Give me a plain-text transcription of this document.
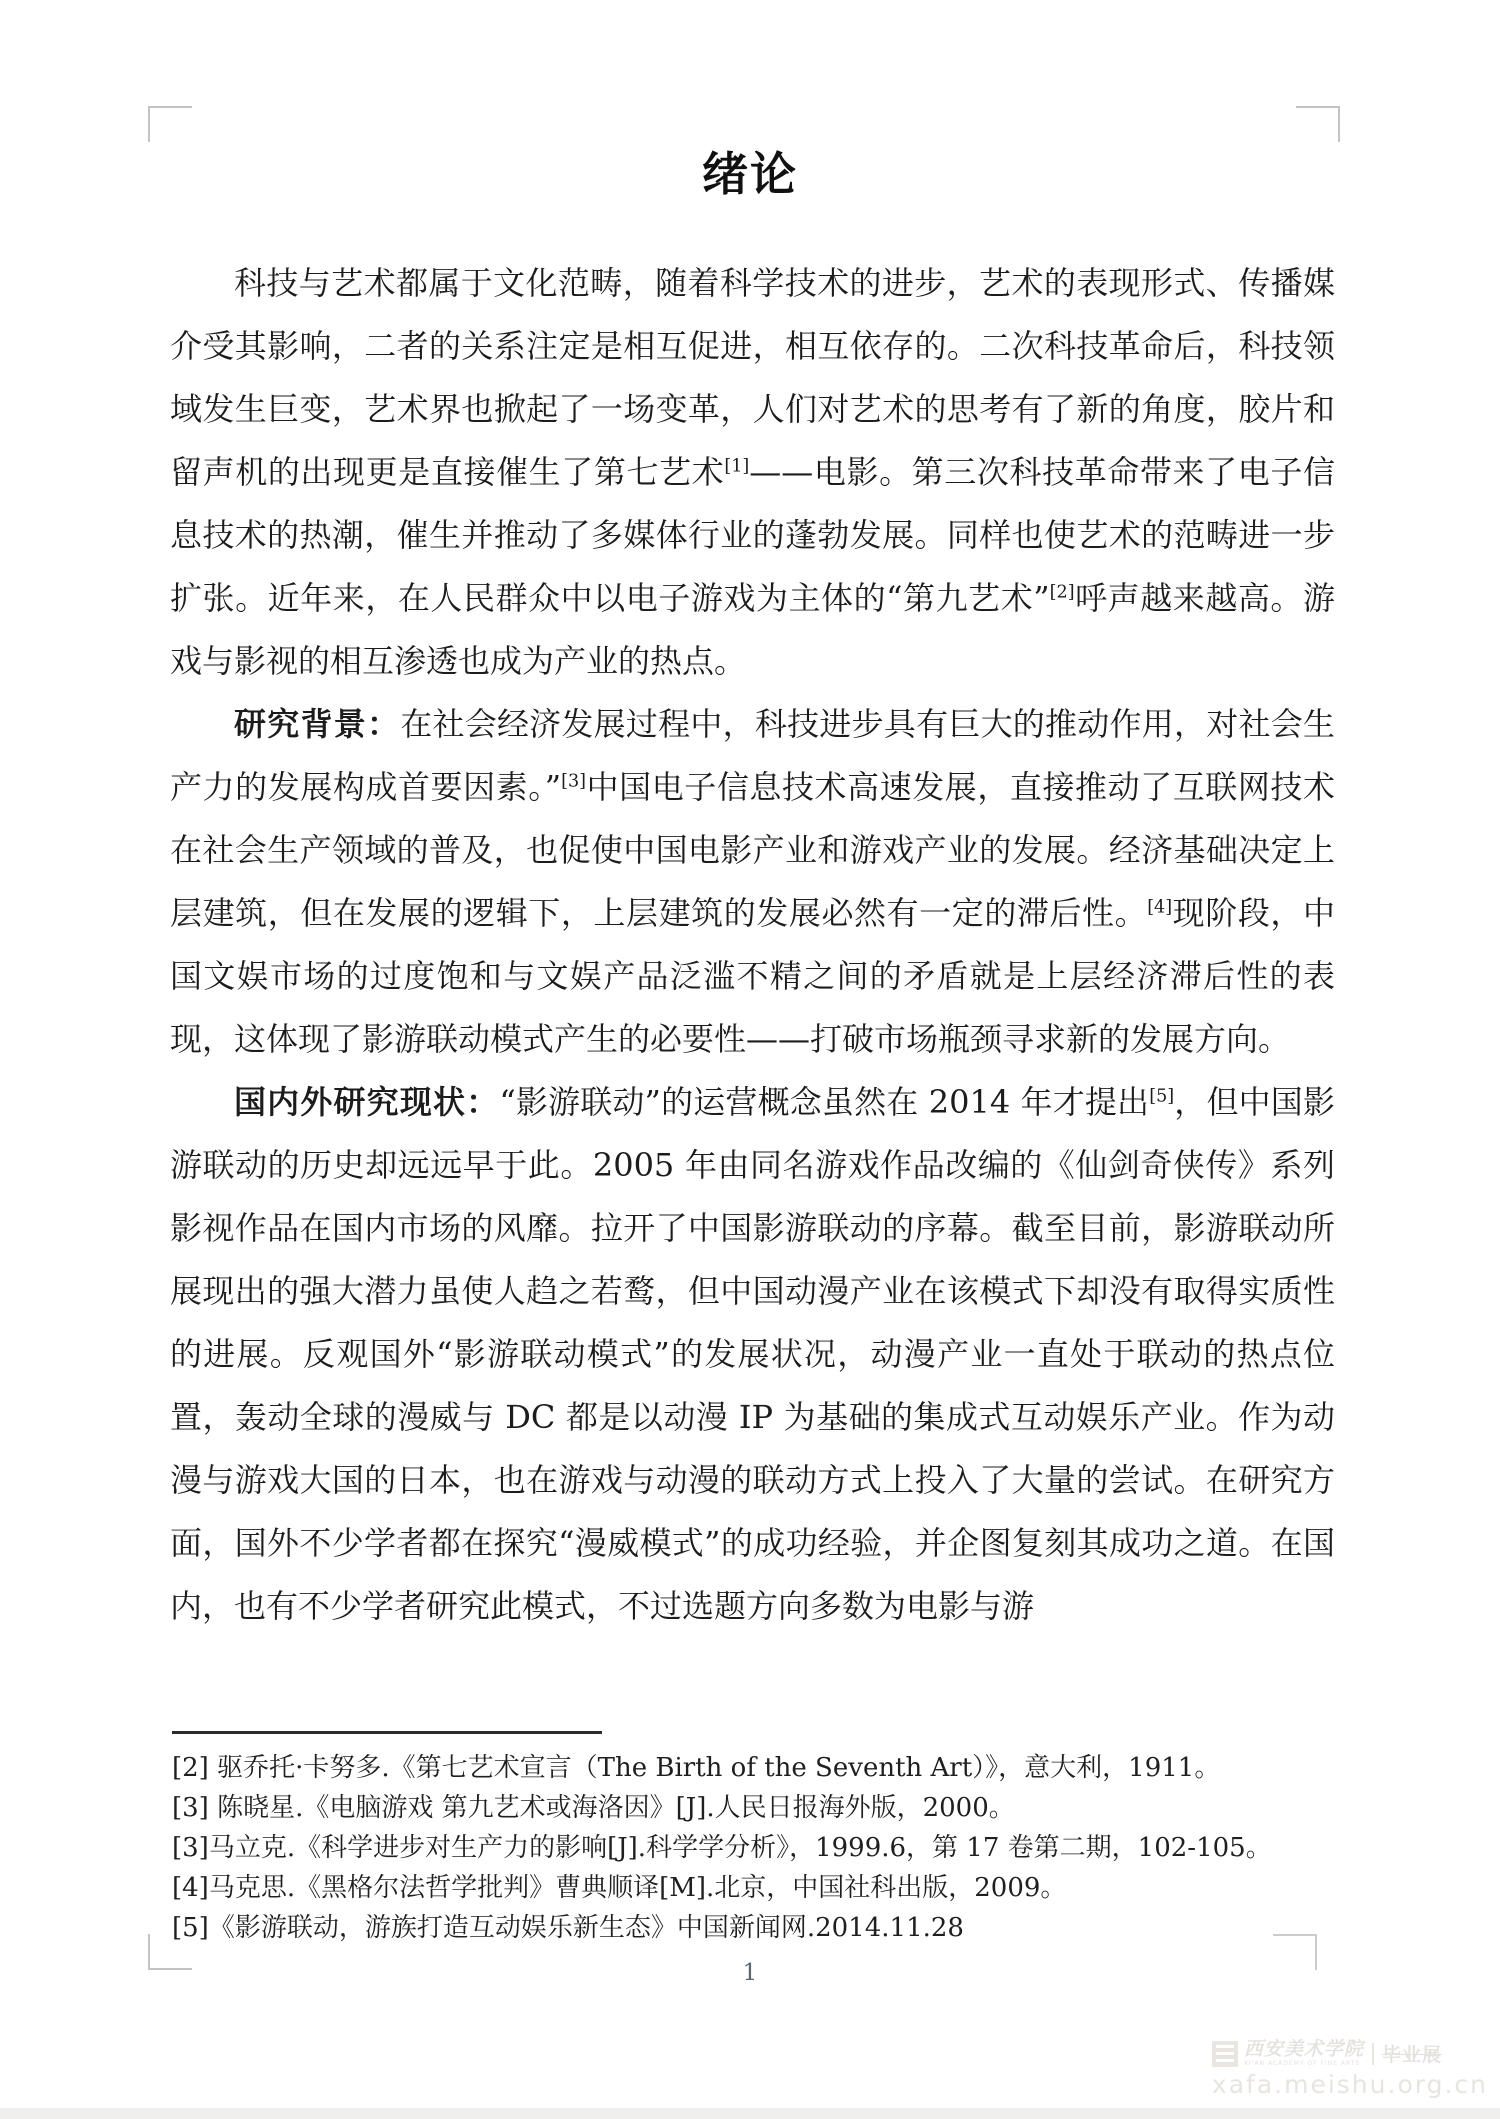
绪论

科技与艺术都属于文化范畴，随着科学技术的进步，艺术的表现形式、传播媒介受其影响，二者的关系注定是相互促进，相互依存的。二次科技革命后，科技领域发生巨变，艺术界也掀起了一场变革，人们对艺术的思考有了新的角度，胶片和留声机的出现更是直接催生了第七艺术[1]——电影。第三次科技革命带来了电子信息技术的热潮，催生并推动了多媒体行业的蓬勃发展。同样也使艺术的范畴进一步扩张。近年来，在人民群众中以电子游戏为主体的“第九艺术”[2]呼声越来越高。游戏与影视的相互渗透也成为产业的热点。

研究背景：在社会经济发展过程中，科技进步具有巨大的推动作用，对社会生产力的发展构成首要因素。”[3]中国电子信息技术高速发展，直接推动了互联网技术在社会生产领域的普及，也促使中国电影产业和游戏产业的发展。经济基础决定上层建筑，但在发展的逻辑下，上层建筑的发展必然有一定的滞后性。[4]现阶段，中国文娱市场的过度饱和与文娱产品泛滥不精之间的矛盾就是上层经济滞后性的表现，这体现了影游联动模式产生的必要性——打破市场瓶颈寻求新的发展方向。

国内外研究现状：“影游联动”的运营概念虽然在 2014 年才提出[5]，但中国影游联动的历史却远远早于此。2005 年由同名游戏作品改编的《仙剑奇侠传》系列影视作品在国内市场的风靡。拉开了中国影游联动的序幕。截至目前，影游联动所展现出的强大潜力虽使人趋之若鹜，但中国动漫产业在该模式下却没有取得实质性的进展。反观国外“影游联动模式”的发展状况，动漫产业一直处于联动的热点位置，轰动全球的漫威与 DC 都是以动漫 IP 为基础的集成式互动娱乐产业。作为动漫与游戏大国的日本，也在游戏与动漫的联动方式上投入了大量的尝试。在研究方面，国外不少学者都在探究“漫威模式”的成功经验，并企图复刻其成功之道。在国内，也有不少学者研究此模式，不过选题方向多数为电影与游

[2] 驱乔托·卡努多.《第七艺术宣言（The Birth of the Seventh Art）》，意大利，1911。
[3] 陈晓星.《电脑游戏 第九艺术或海洛因》[J].人民日报海外版，2000。
[3]马立克.《科学进步对生产力的影响[J].科学学分析》，1999.6，第 17 卷第二期，102-105。
[4]马克思.《黑格尔法哲学批判》曹典顺译[M].北京，中国社科出版，2009。
[5]《影游联动，游族打造互动娱乐新生态》中国新闻网.2014.11.28
1
西安美术学院
XI'AN ACADEMY OF FINE ARTS 毕业展
xafa.meishu.org.cn
